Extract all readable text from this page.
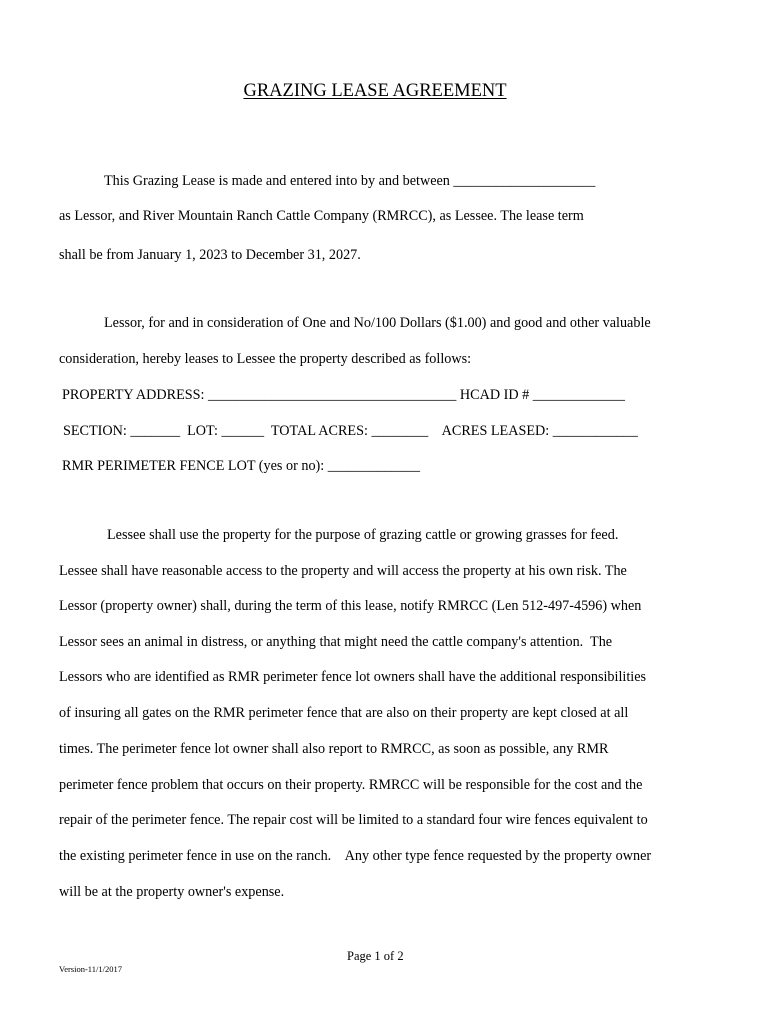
GRAZING LEASE AGREEMENT
This Grazing Lease is made and entered into by and between ____________________
as Lessor, and River Mountain Ranch Cattle Company (RMRCC), as Lessee. The lease term
shall be from January 1, 2023 to December 31, 2027.
Lessor, for and in consideration of One and No/100 Dollars ($1.00) and good and other valuable
consideration, hereby leases to Lessee the property described as follows:
PROPERTY ADDRESS: ___________________________________ HCAD ID # _____________
SECTION: _______  LOT: ______  TOTAL ACRES: ________    ACRES LEASED: ____________
RMR PERIMETER FENCE LOT (yes or no): _____________
Lessee shall use the property for the purpose of grazing cattle or growing grasses for feed.
Lessee shall have reasonable access to the property and will access the property at his own risk. The
Lessor (property owner) shall, during the term of this lease, notify RMRCC (Len 512-497-4596) when
Lessor sees an animal in distress, or anything that might need the cattle company's attention.  The
Lessors who are identified as RMR perimeter fence lot owners shall have the additional responsibilities
of insuring all gates on the RMR perimeter fence that are also on their property are kept closed at all
times. The perimeter fence lot owner shall also report to RMRCC, as soon as possible, any RMR
perimeter fence problem that occurs on their property. RMRCC will be responsible for the cost and the
repair of the perimeter fence. The repair cost will be limited to a standard four wire fences equivalent to
the existing perimeter fence in use on the ranch.    Any other type fence requested by the property owner
will be at the property owner's expense.
Page 1 of 2
Version-11/1/2017
